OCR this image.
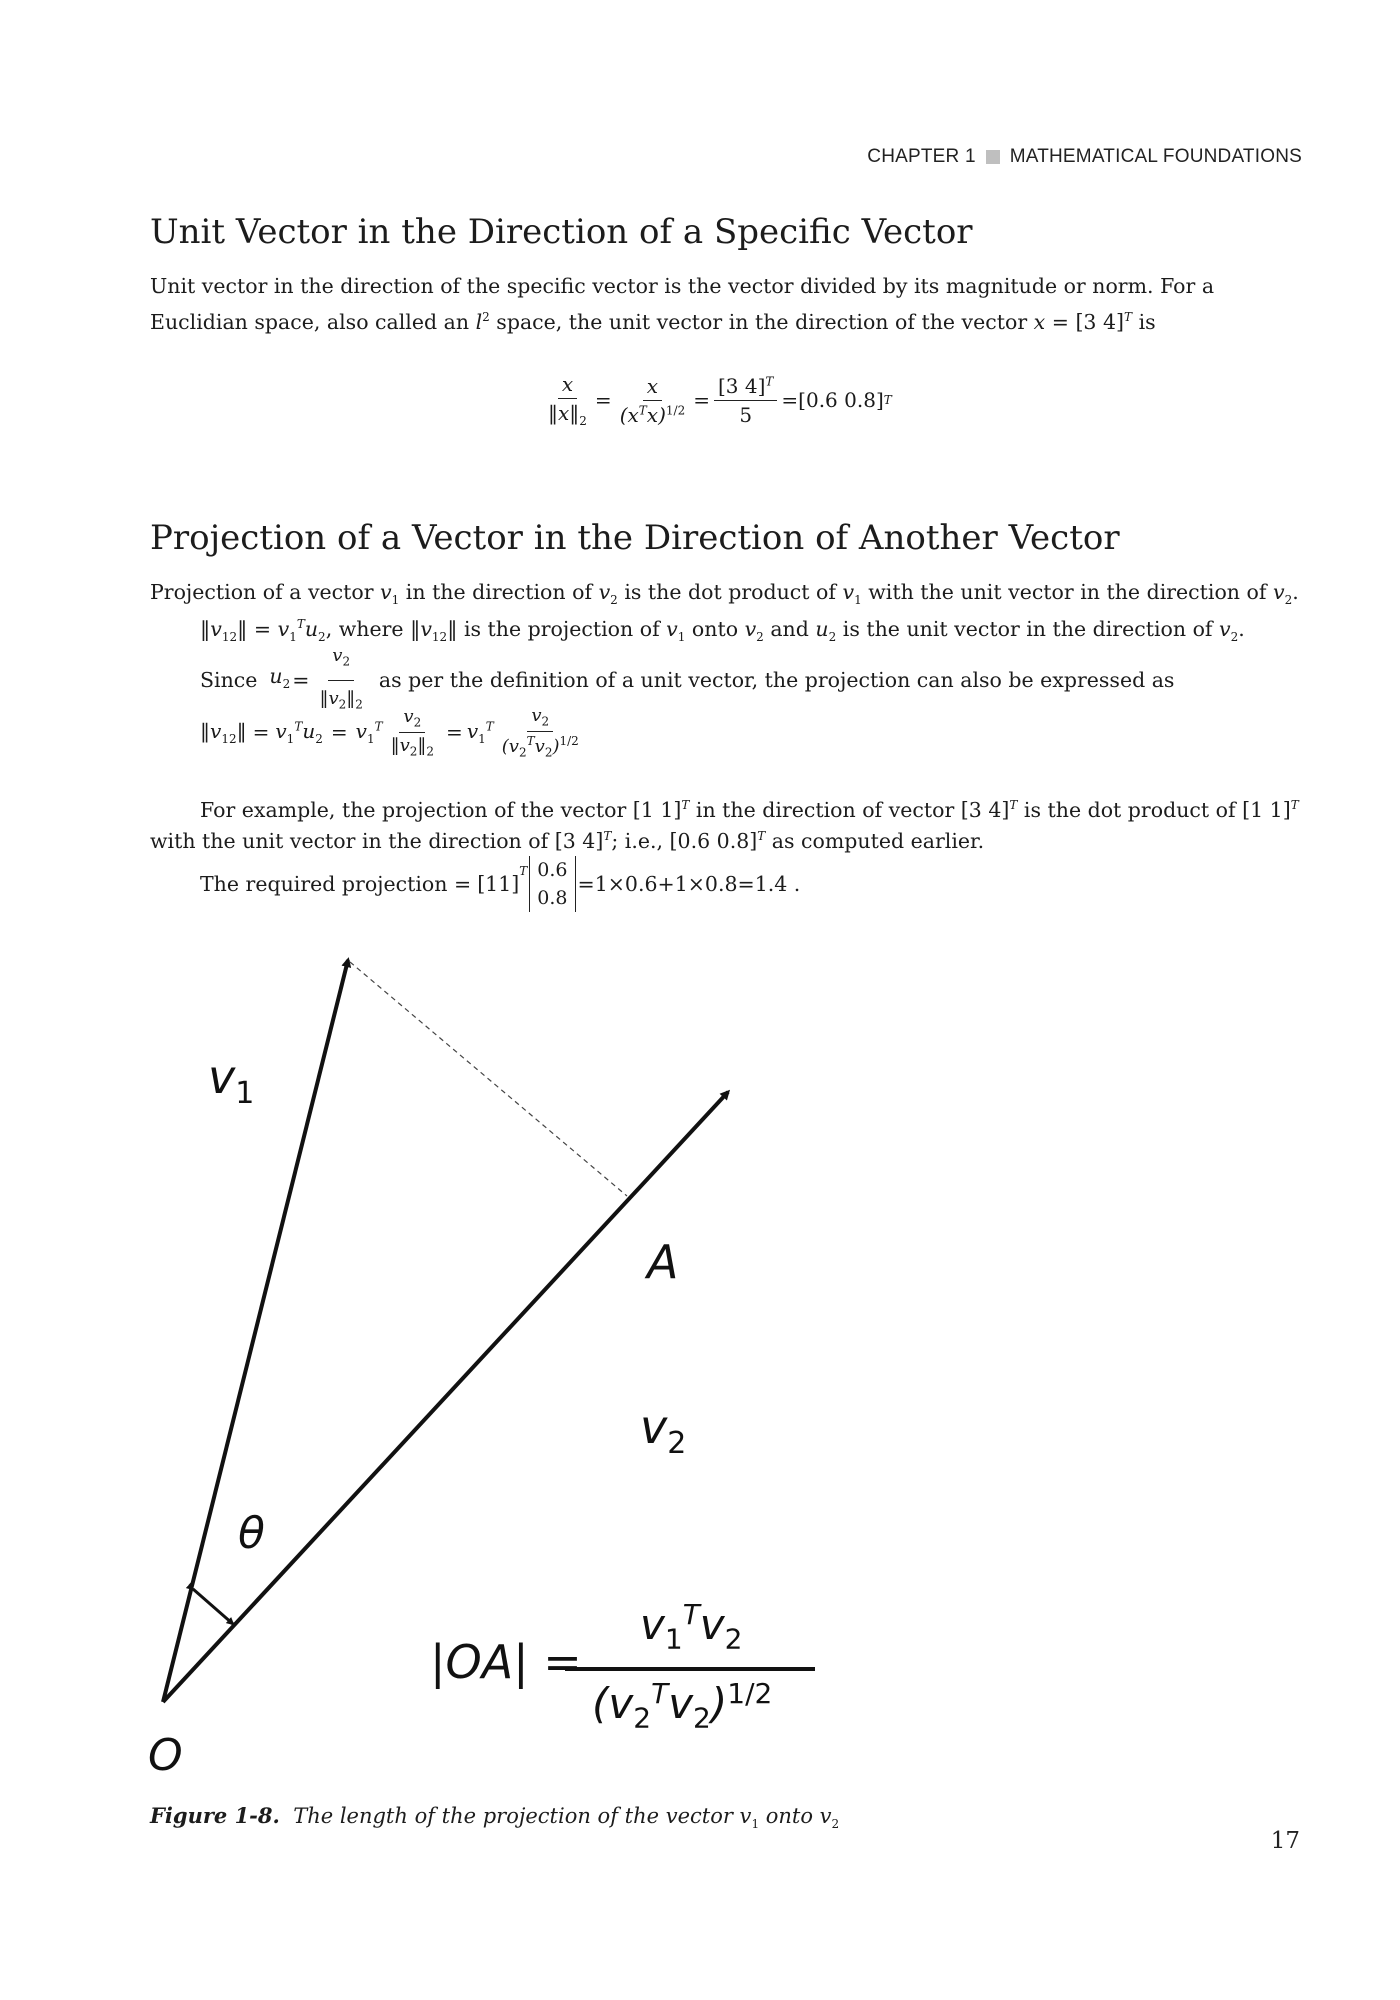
CHAPTER 1 MATHEMATICAL FOUNDATIONS
Unit Vector in the Direction of a Specific Vector
Unit vector in the direction of the specific vector is the vector divided by its magnitude or norm. For a
Euclidian space, also called an $l^2$ space, the unit vector in the direction of the vector x = [3 4]$^T$ is
$\frac{x}{‖x‖_2} = \frac{x}{(x^Tx)^{1/2}} = \frac{[3 4]^T}{5} = [0.6$ 0.8] T
Projection of a Vector in the Direction of Another Vector
Projection of a vector $v_1$ in the direction of $v_2$ is the dot product of $v_1$ with the unit vector in the direction of $v_2$.
$‖v_{12}‖ = v_1^Tu_2$, where $‖v_{12}‖$ is the projection of $v_1$ onto $v_2$ and $u_2$ is the unit vector in the direction of $v_2$.
Since $u_2 = \frac{v_2}{‖v_2‖_2}$ as per the definition of a unit vector, the projection can also be expressed as
$‖v_{12}‖ = v_1^Tu_2 = v_1^T \frac{v_2}{‖v_2‖_2} = v_1^T \frac{v_2}{(v_2^Tv_2)^{1/2}}$
For example, the projection of the vector [1 1]$^T$ in the direction of vector [3 4]$^T$ is the dot product of [1 1]$^T$
with the unit vector in the direction of [3 4]$^T$; i.e., [0.6 0.8]$^T$ as computed earlier.
The required projection = [11]
$^T$ 0.6
0.8
=1×0.6+1×0.8=1.4 .
$v_1$
$v_2$
A
O
θ
|OA| =
$v_1^Tv_2$
$(v_2^Tv_2)^{1/2}$
Figure 1-8. The length of the projection of the vector $v_1$ onto $v_2$
17
